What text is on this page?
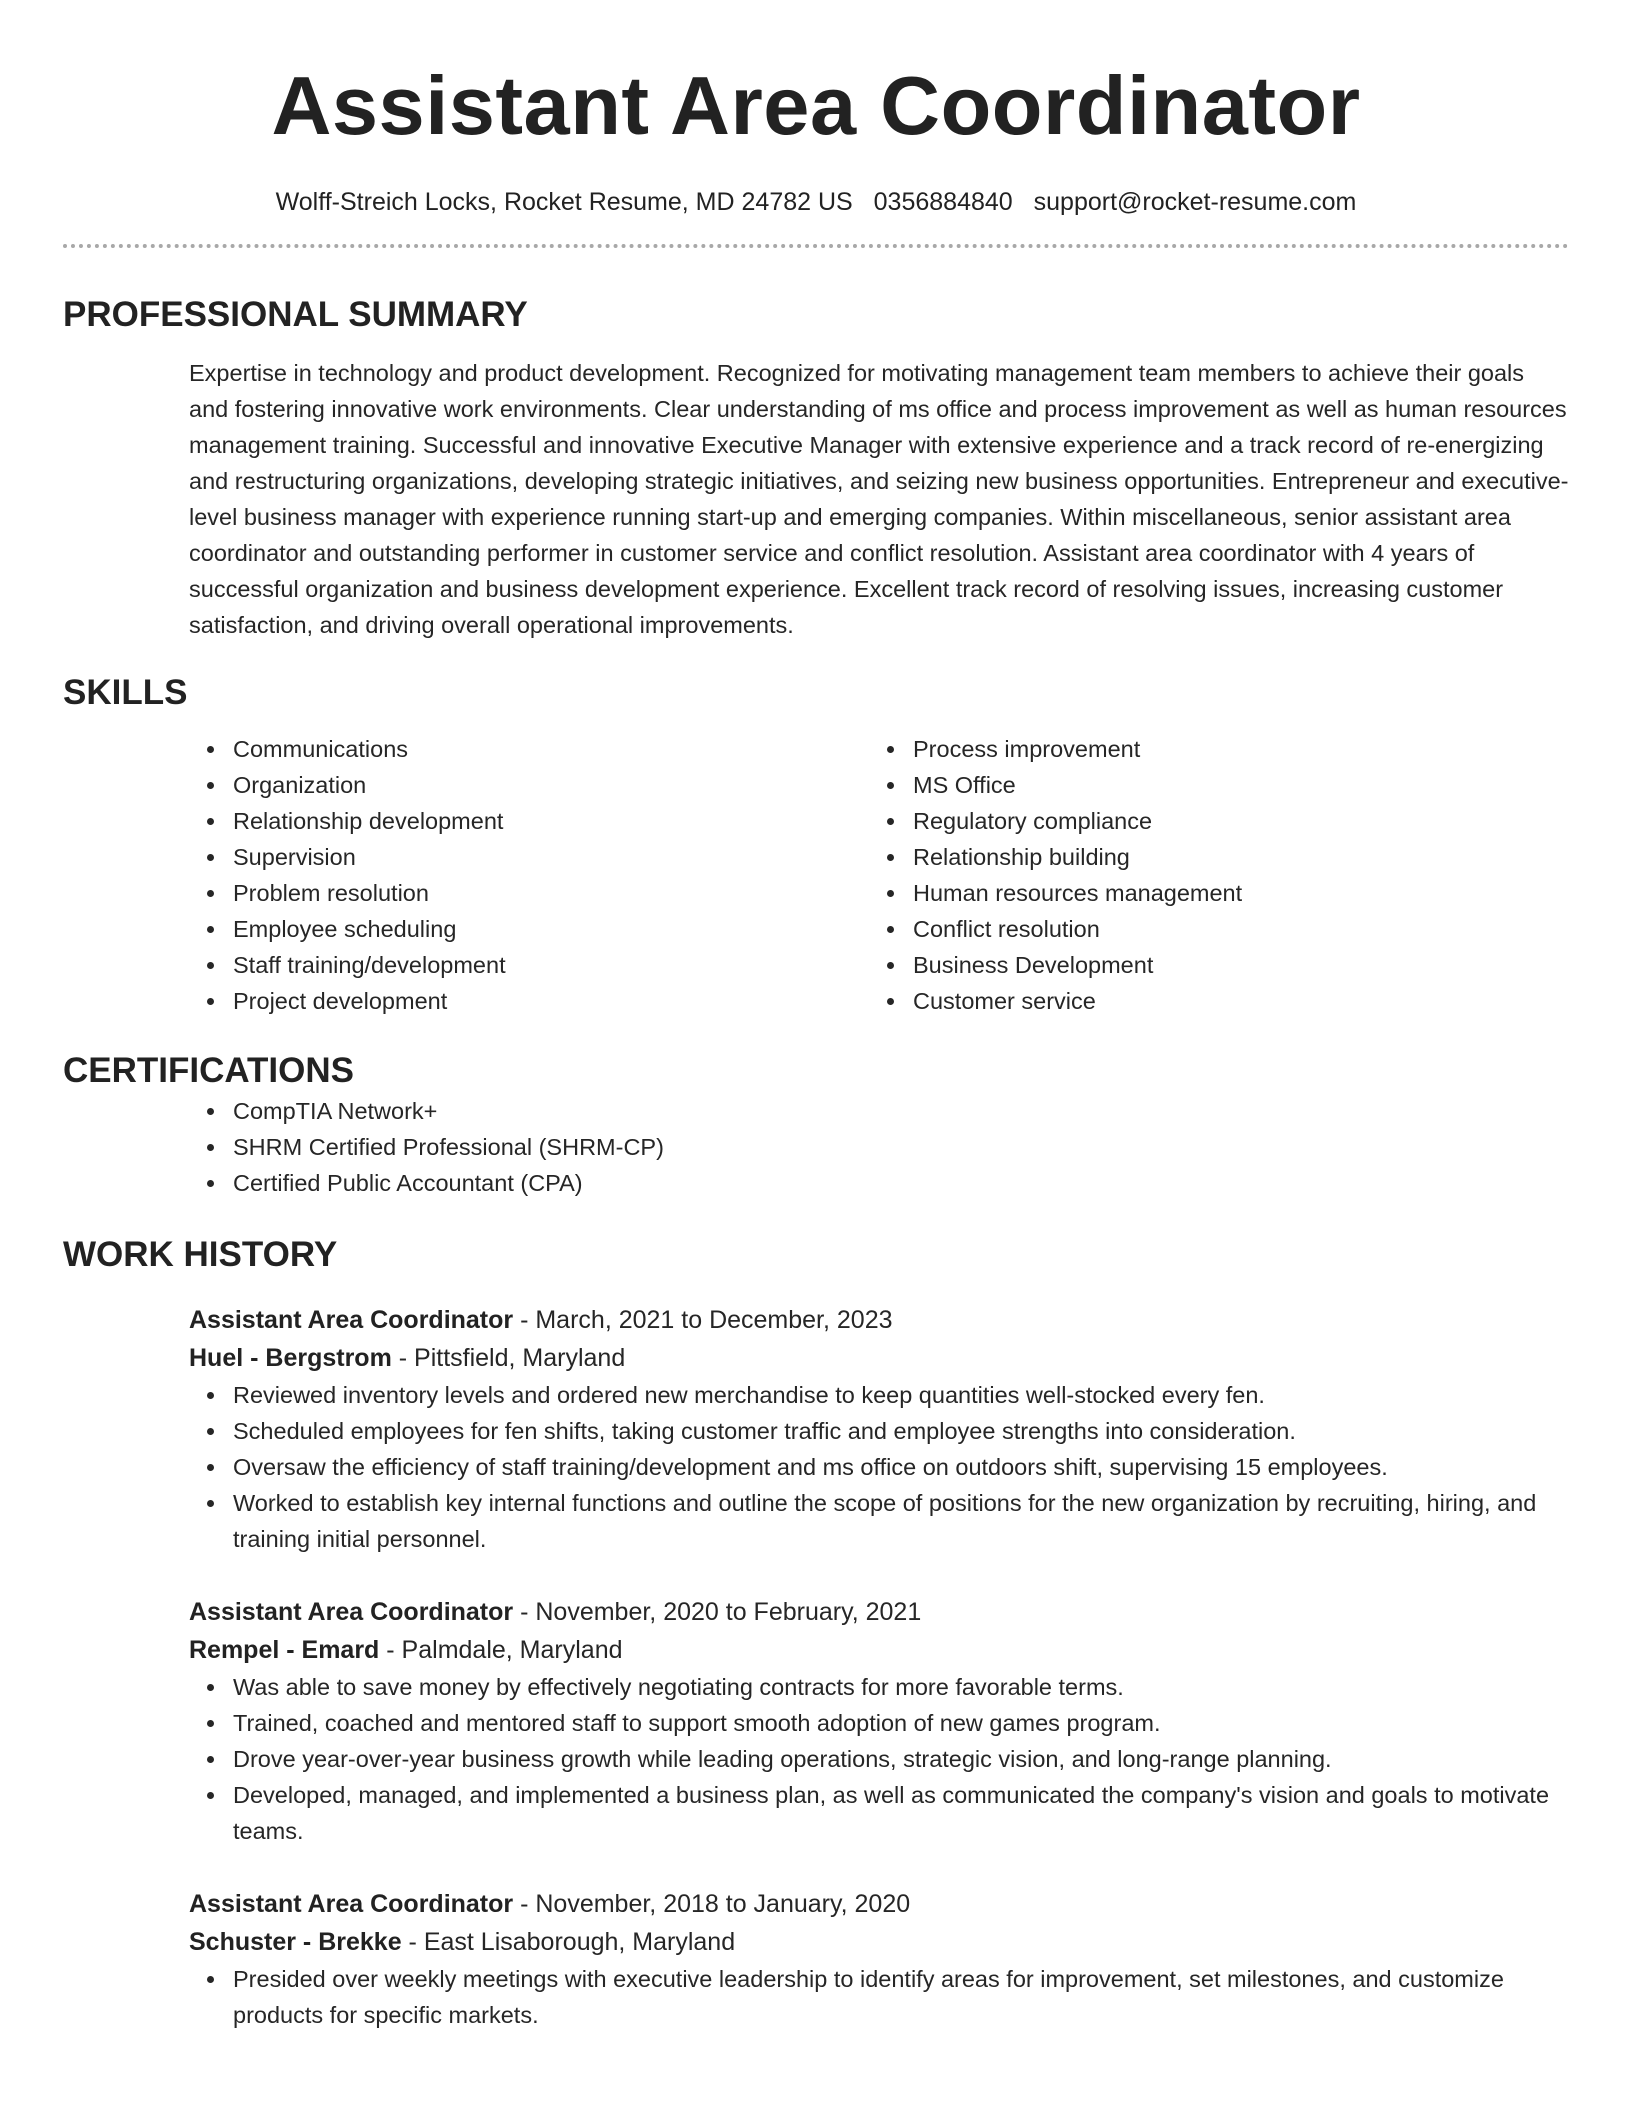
Assistant Area Coordinator
Wolff-Streich Locks, Rocket Resume, MD 24782 US 0356884840 support@rocket-resume.com
PROFESSIONAL SUMMARY
Expertise in technology and product development. Recognized for motivating management team members to achieve their goals and fostering innovative work environments. Clear understanding of ms office and process improvement as well as human resources management training. Successful and innovative Executive Manager with extensive experience and a track record of re-energizing and restructuring organizations, developing strategic initiatives, and seizing new business opportunities. Entrepreneur and executive-level business manager with experience running start-up and emerging companies. Within miscellaneous, senior assistant area coordinator and outstanding performer in customer service and conflict resolution. Assistant area coordinator with 4 years of successful organization and business development experience. Excellent track record of resolving issues, increasing customer satisfaction, and driving overall operational improvements.
SKILLS
Communications
Organization
Relationship development
Supervision
Problem resolution
Employee scheduling
Staff training/development
Project development
Process improvement
MS Office
Regulatory compliance
Relationship building
Human resources management
Conflict resolution
Business Development
Customer service
CERTIFICATIONS
CompTIA Network+
SHRM Certified Professional (SHRM-CP)
Certified Public Accountant (CPA)
WORK HISTORY
Assistant Area Coordinator - March, 2021 to December, 2023
Huel - Bergstrom - Pittsfield, Maryland
Reviewed inventory levels and ordered new merchandise to keep quantities well-stocked every fen.
Scheduled employees for fen shifts, taking customer traffic and employee strengths into consideration.
Oversaw the efficiency of staff training/development and ms office on outdoors shift, supervising 15 employees.
Worked to establish key internal functions and outline the scope of positions for the new organization by recruiting, hiring, and training initial personnel.
Assistant Area Coordinator - November, 2020 to February, 2021
Rempel - Emard - Palmdale, Maryland
Was able to save money by effectively negotiating contracts for more favorable terms.
Trained, coached and mentored staff to support smooth adoption of new games program.
Drove year-over-year business growth while leading operations, strategic vision, and long-range planning.
Developed, managed, and implemented a business plan, as well as communicated the company's vision and goals to motivate teams.
Assistant Area Coordinator - November, 2018 to January, 2020
Schuster - Brekke - East Lisaborough, Maryland
Presided over weekly meetings with executive leadership to identify areas for improvement, set milestones, and customize products for specific markets.
